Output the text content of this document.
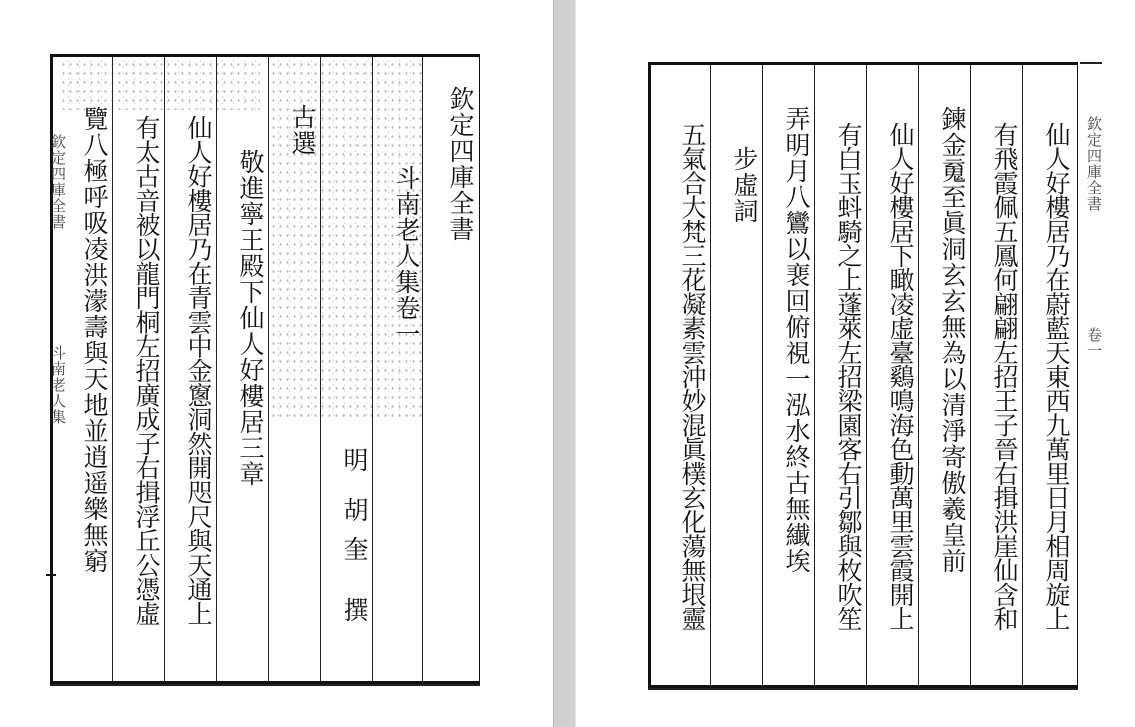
欽定四庫全書
斗南老人集卷一
明
胡奎
撰
古選
敬進寧王殿下仙人好樓居三章
仙人好樓居乃在青雲中金窻洞然開咫尺與天通上
有太古音被以龍門桐左招廣成子右揖浮丘公憑虛
覽八極呼吸凌洪濛壽與天地並逍遥樂無窮
欽定四庫全書
斗南老人集	仙人好樓居乃在蔚藍天東西九萬里日月相周旋上
有飛霞佩五鳳何翩翩左招王子晉右揖洪崖仙含和
鍊金䰟至眞洞玄玄無為以清淨寄傲羲皇前
仙人好樓居下瞰凌虚臺鷄鳴海色動萬里雲霞開上
有白玉蚪騎之上蓬萊左招梁園客右引鄒與枚吹笙
弄明月八鸞以裵回俯視一泓水終古無纎埃
步虛詞
五氣合大梵三花凝素雲沖妙混眞樸玄化蕩無垠靈	欽定四庫全書
卷一
